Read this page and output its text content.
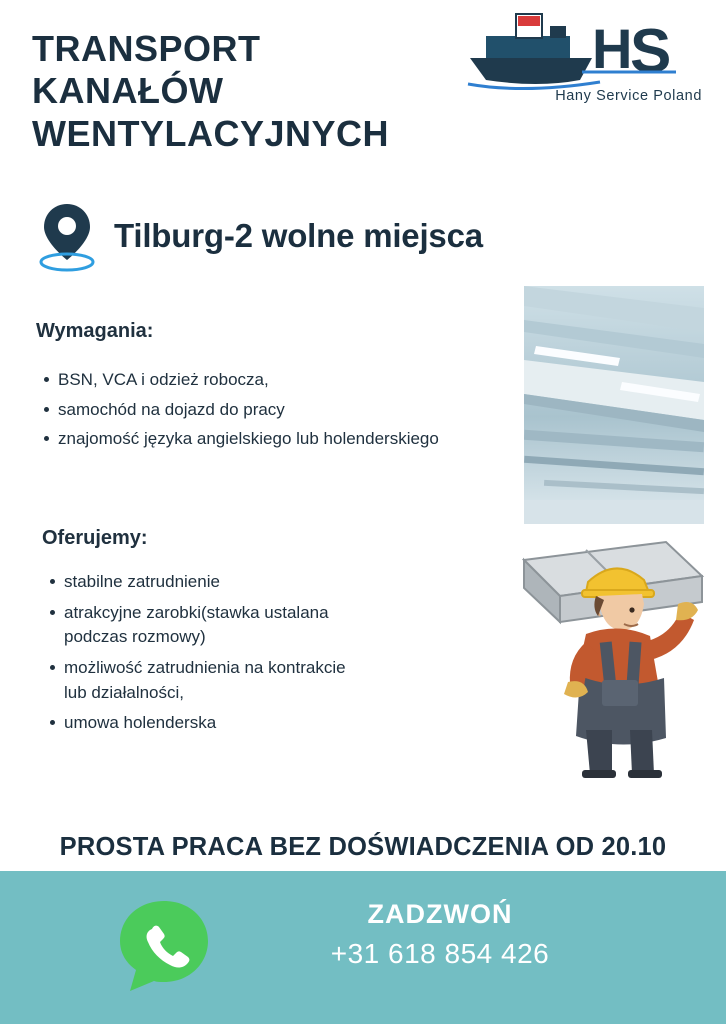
H
S
Hany Service Poland
TRANSPORT
KANAŁÓW
WENTYLACYJNYCH
Tilburg-2 wolne miejsca
Wymagania:
BSN, VCA i odzież robocza,
samochód na dojazd do pracy
znajomość języka angielskiego lub holenderskiego
Oferujemy:
stabilne zatrudnienie
atrakcyjne zarobki(stawka ustalana podczas rozmowy)
możliwość zatrudnienia na kontrakcie lub działalności,
umowa holenderska
PROSTA PRACA BEZ DOŚWIADCZENIA OD 20.10
ZADZWOŃ
+31 618 854 426
